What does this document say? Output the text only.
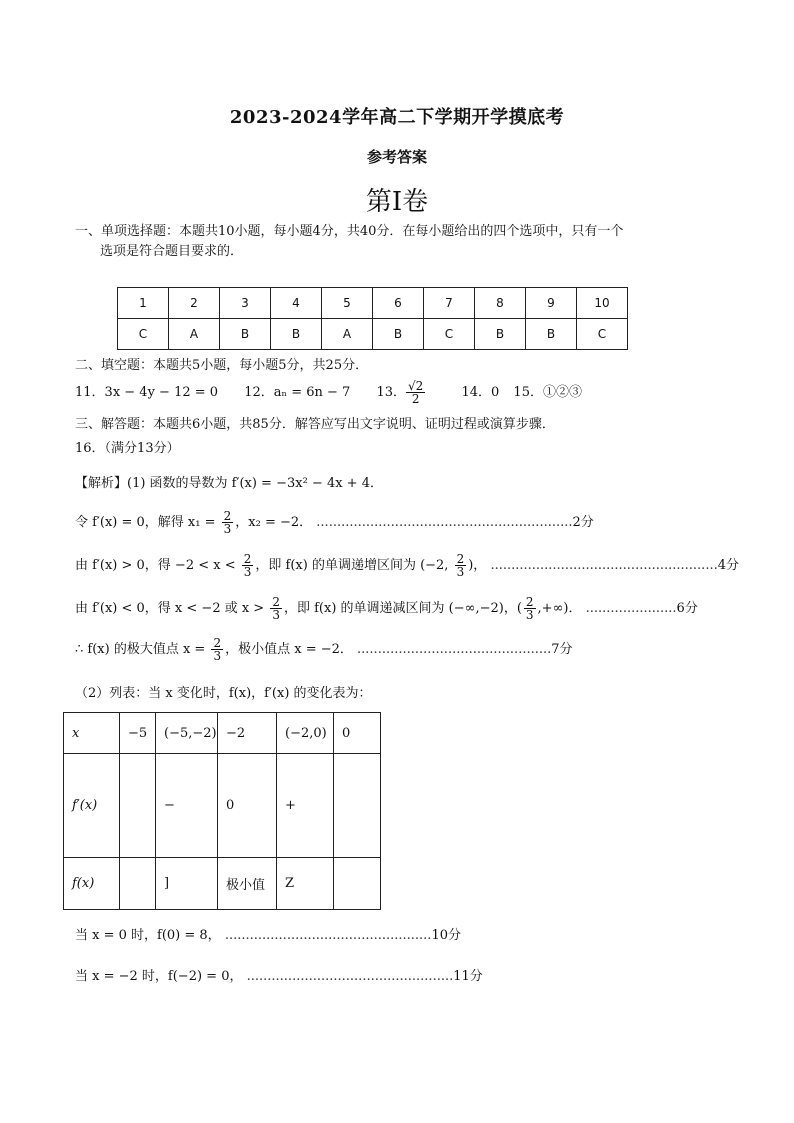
2023-2024学年高二下学期开学摸底考
参考答案
第Ⅰ卷
一、单项选择题：本题共10小题，每小题4分，共40分．在每小题给出的四个选项中，只有一个
选项是符合题目要求的．
1	2	3	4	5	6	7	8	9	10
C	A	B	B	A	B	C	B	B	C
二、填空题：本题共5小题，每小题5分，共25分．
11．3x − 4y − 12 = 0 12．aₙ = 6n − 7 13． $\frac{√2}{2} 14$．0 15．①②③
三、解答题：本题共6小题，共85分．解答应写出文字说明、证明过程或演算步骤．
16．（满分13分）
【解析】(1) 函数的导数为 f′(x) = −3x² − 4x + 4．
令 f′(x) = 0，解得 $x_1 = \frac{2}{3}$ ，x₂ = −2． ..............................................................2分
由 f′(x) > 0，得 $-2 < x < \frac{2}{3}$ ，即 f(x) 的单调递增区间为 (−2, $\frac{2}{3}$ )， .......................................................4分
由 f′(x) < 0，得 x < −2 或 $x > \frac{2}{3}$ ，即 f(x) 的单调递减区间为 (−∞,−2)，( $\frac{2}{3}$ ,+∞)． ......................6分
∴ f(x) 的极大值点 $x = \frac{2}{3}$ ，极小值点 x = −2． ...............................................7分
（2）列表：当 x 变化时，f(x)，f′(x) 的变化表为：
x	−5	(−5,−2)	−2	(−2,0)	0
f′(x)		−	0	+	
f(x)		]	极小值	Z	
当 x = 0 时，f(0) = 8， ..................................................10分
当 x = −2 时，f(−2) = 0， ..................................................11分
